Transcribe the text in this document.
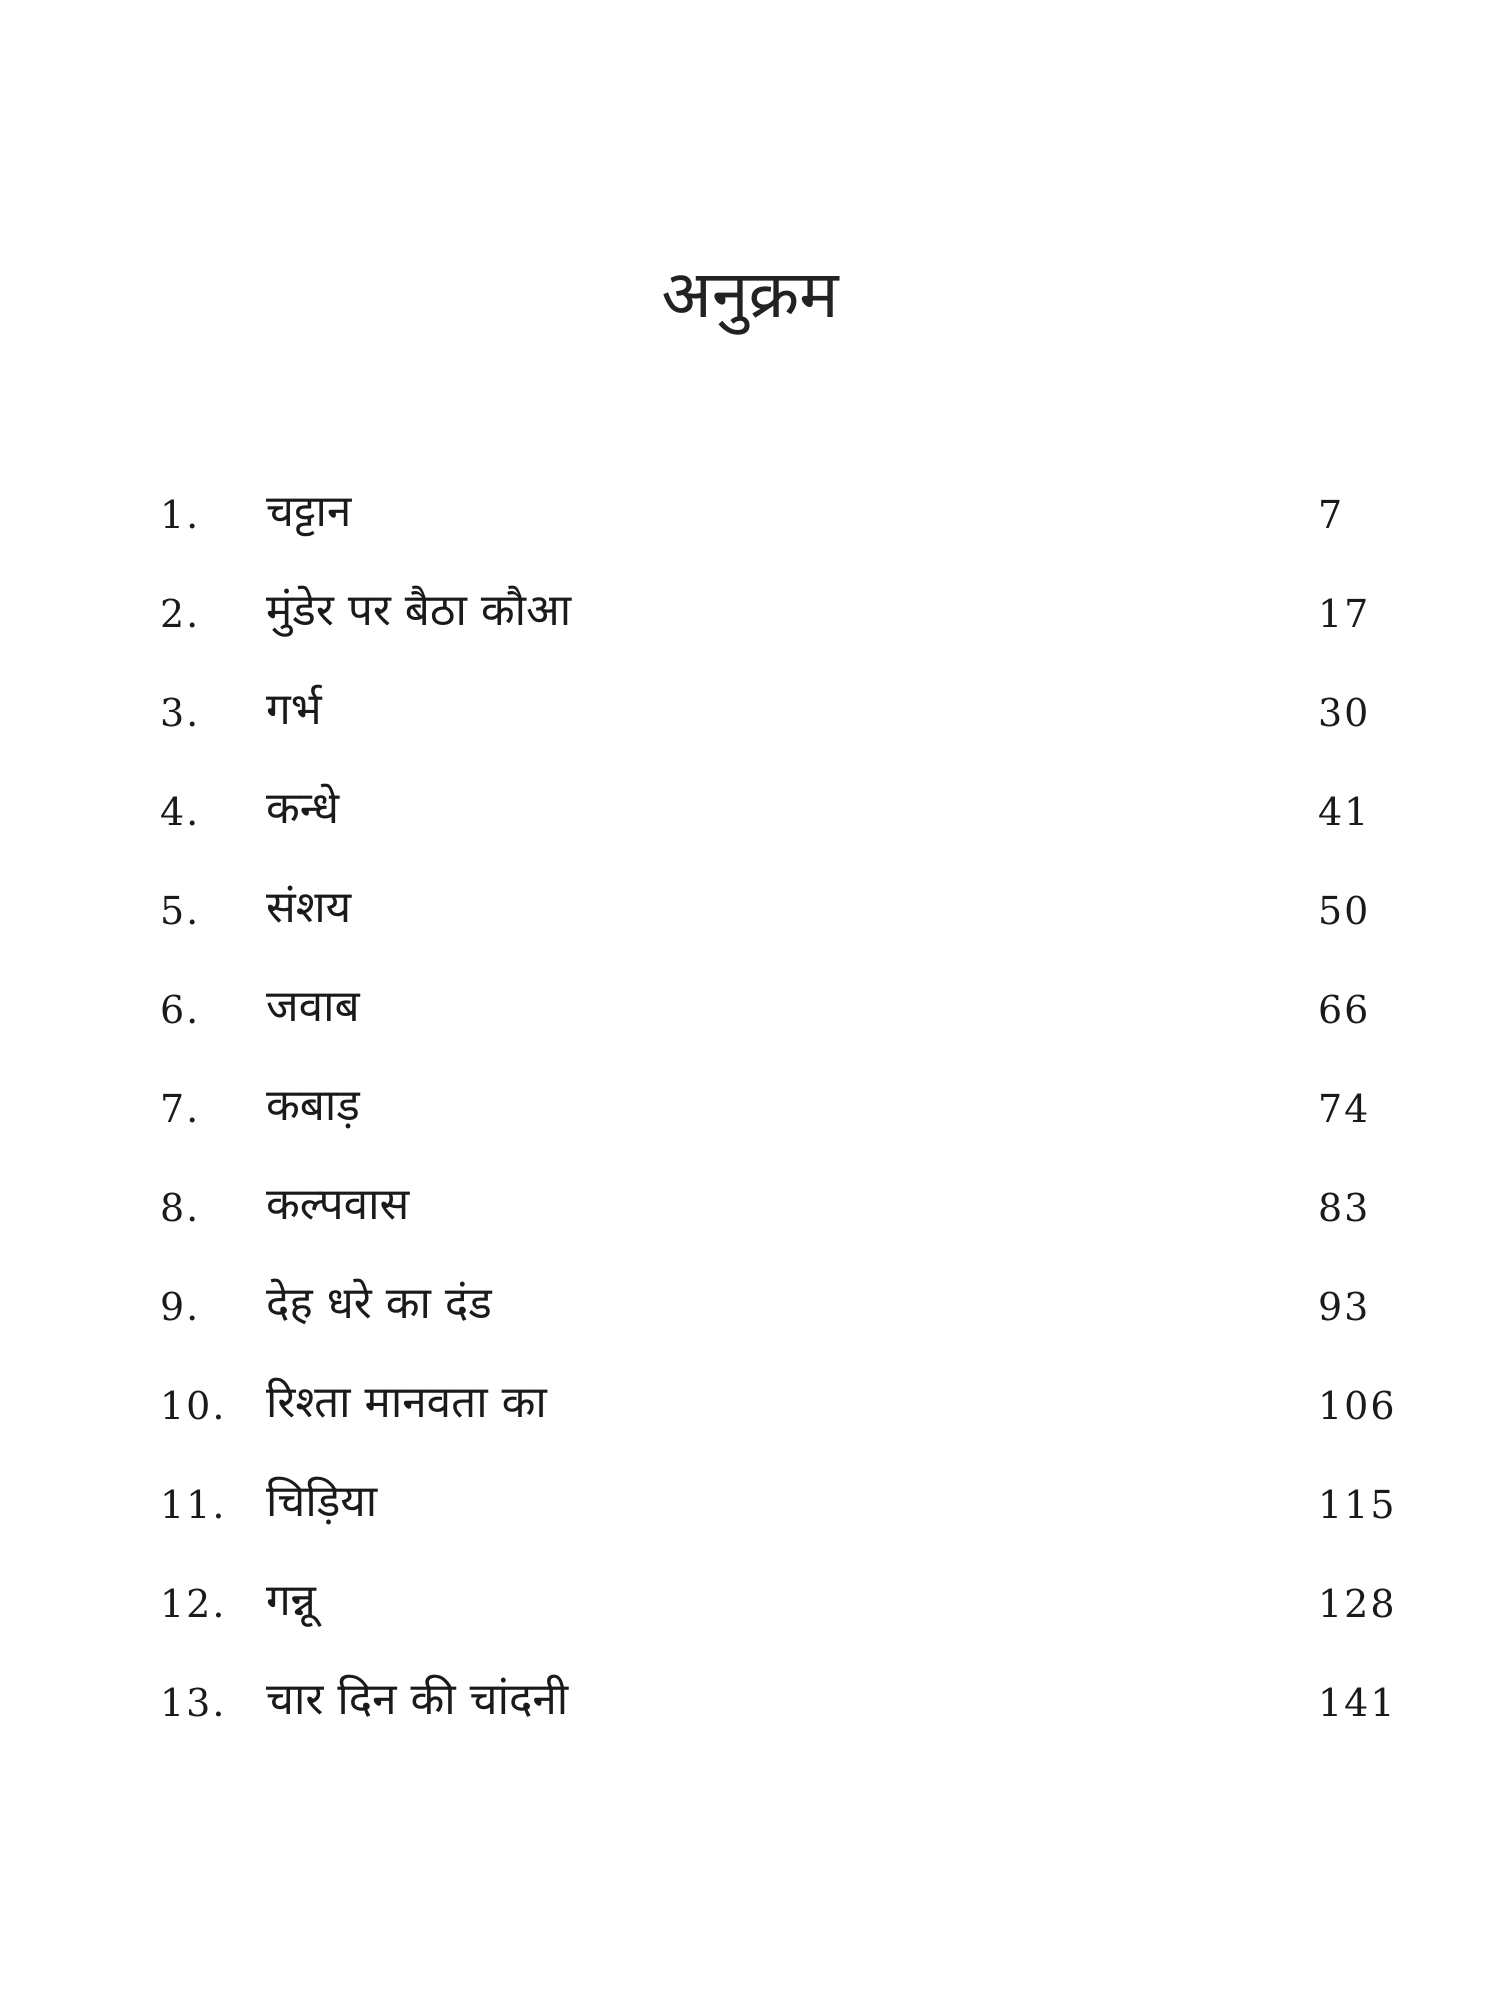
अनुक्रम
1. चट्टान	7
2. मुंडेर पर बैठा कौआ	17
3. गर्भ	30
4. कन्धे	41
5. संशय	50
6. जवाब	66
7. कबाड़	74
8. कल्पवास	83
9. देह धरे का दंड	93
10. रिश्ता मानवता का	106
11. चिड़िया	115
12. गन्नू	128
13. चार दिन की चांदनी	141
